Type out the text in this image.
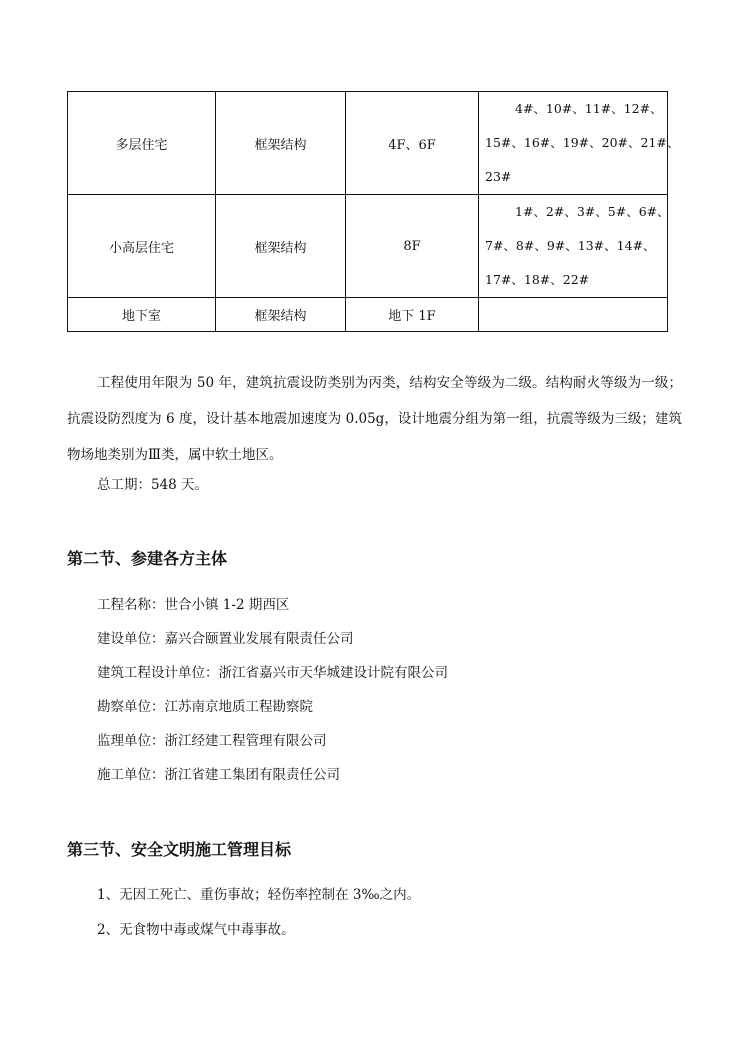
多层住宅	框架结构	4F、6F	4#、10#、11#、12#、
15#、16#、19#、20#、21#、
23#

小高层住宅	框架结构	8F	1#、2#、3#、5#、6#、
7#、8#、9#、13#、14#、
17#、18#、22#

地下室	框架结构	地下 1F	
工程使用年限为 50 年，建筑抗震设防类别为丙类，结构安全等级为二级。结构耐火等级为一级；抗震设防烈度为 6 度，设计基本地震加速度为 0.05g，设计地震分组为第一组，抗震等级为三级；建筑物场地类别为Ⅲ类，属中软土地区。
总工期：548 天。
第二节、参建各方主体
工程名称：世合小镇 1-2 期西区
建设单位：嘉兴合颐置业发展有限责任公司
建筑工程设计单位：浙江省嘉兴市天华城建设计院有限公司
勘察单位：江苏南京地质工程勘察院
监理单位：浙江经建工程管理有限公司
施工单位：浙江省建工集团有限责任公司
第三节、安全文明施工管理目标
1、无因工死亡、重伤事故；轻伤率控制在 3‰之内。
2、无食物中毒或煤气中毒事故。
